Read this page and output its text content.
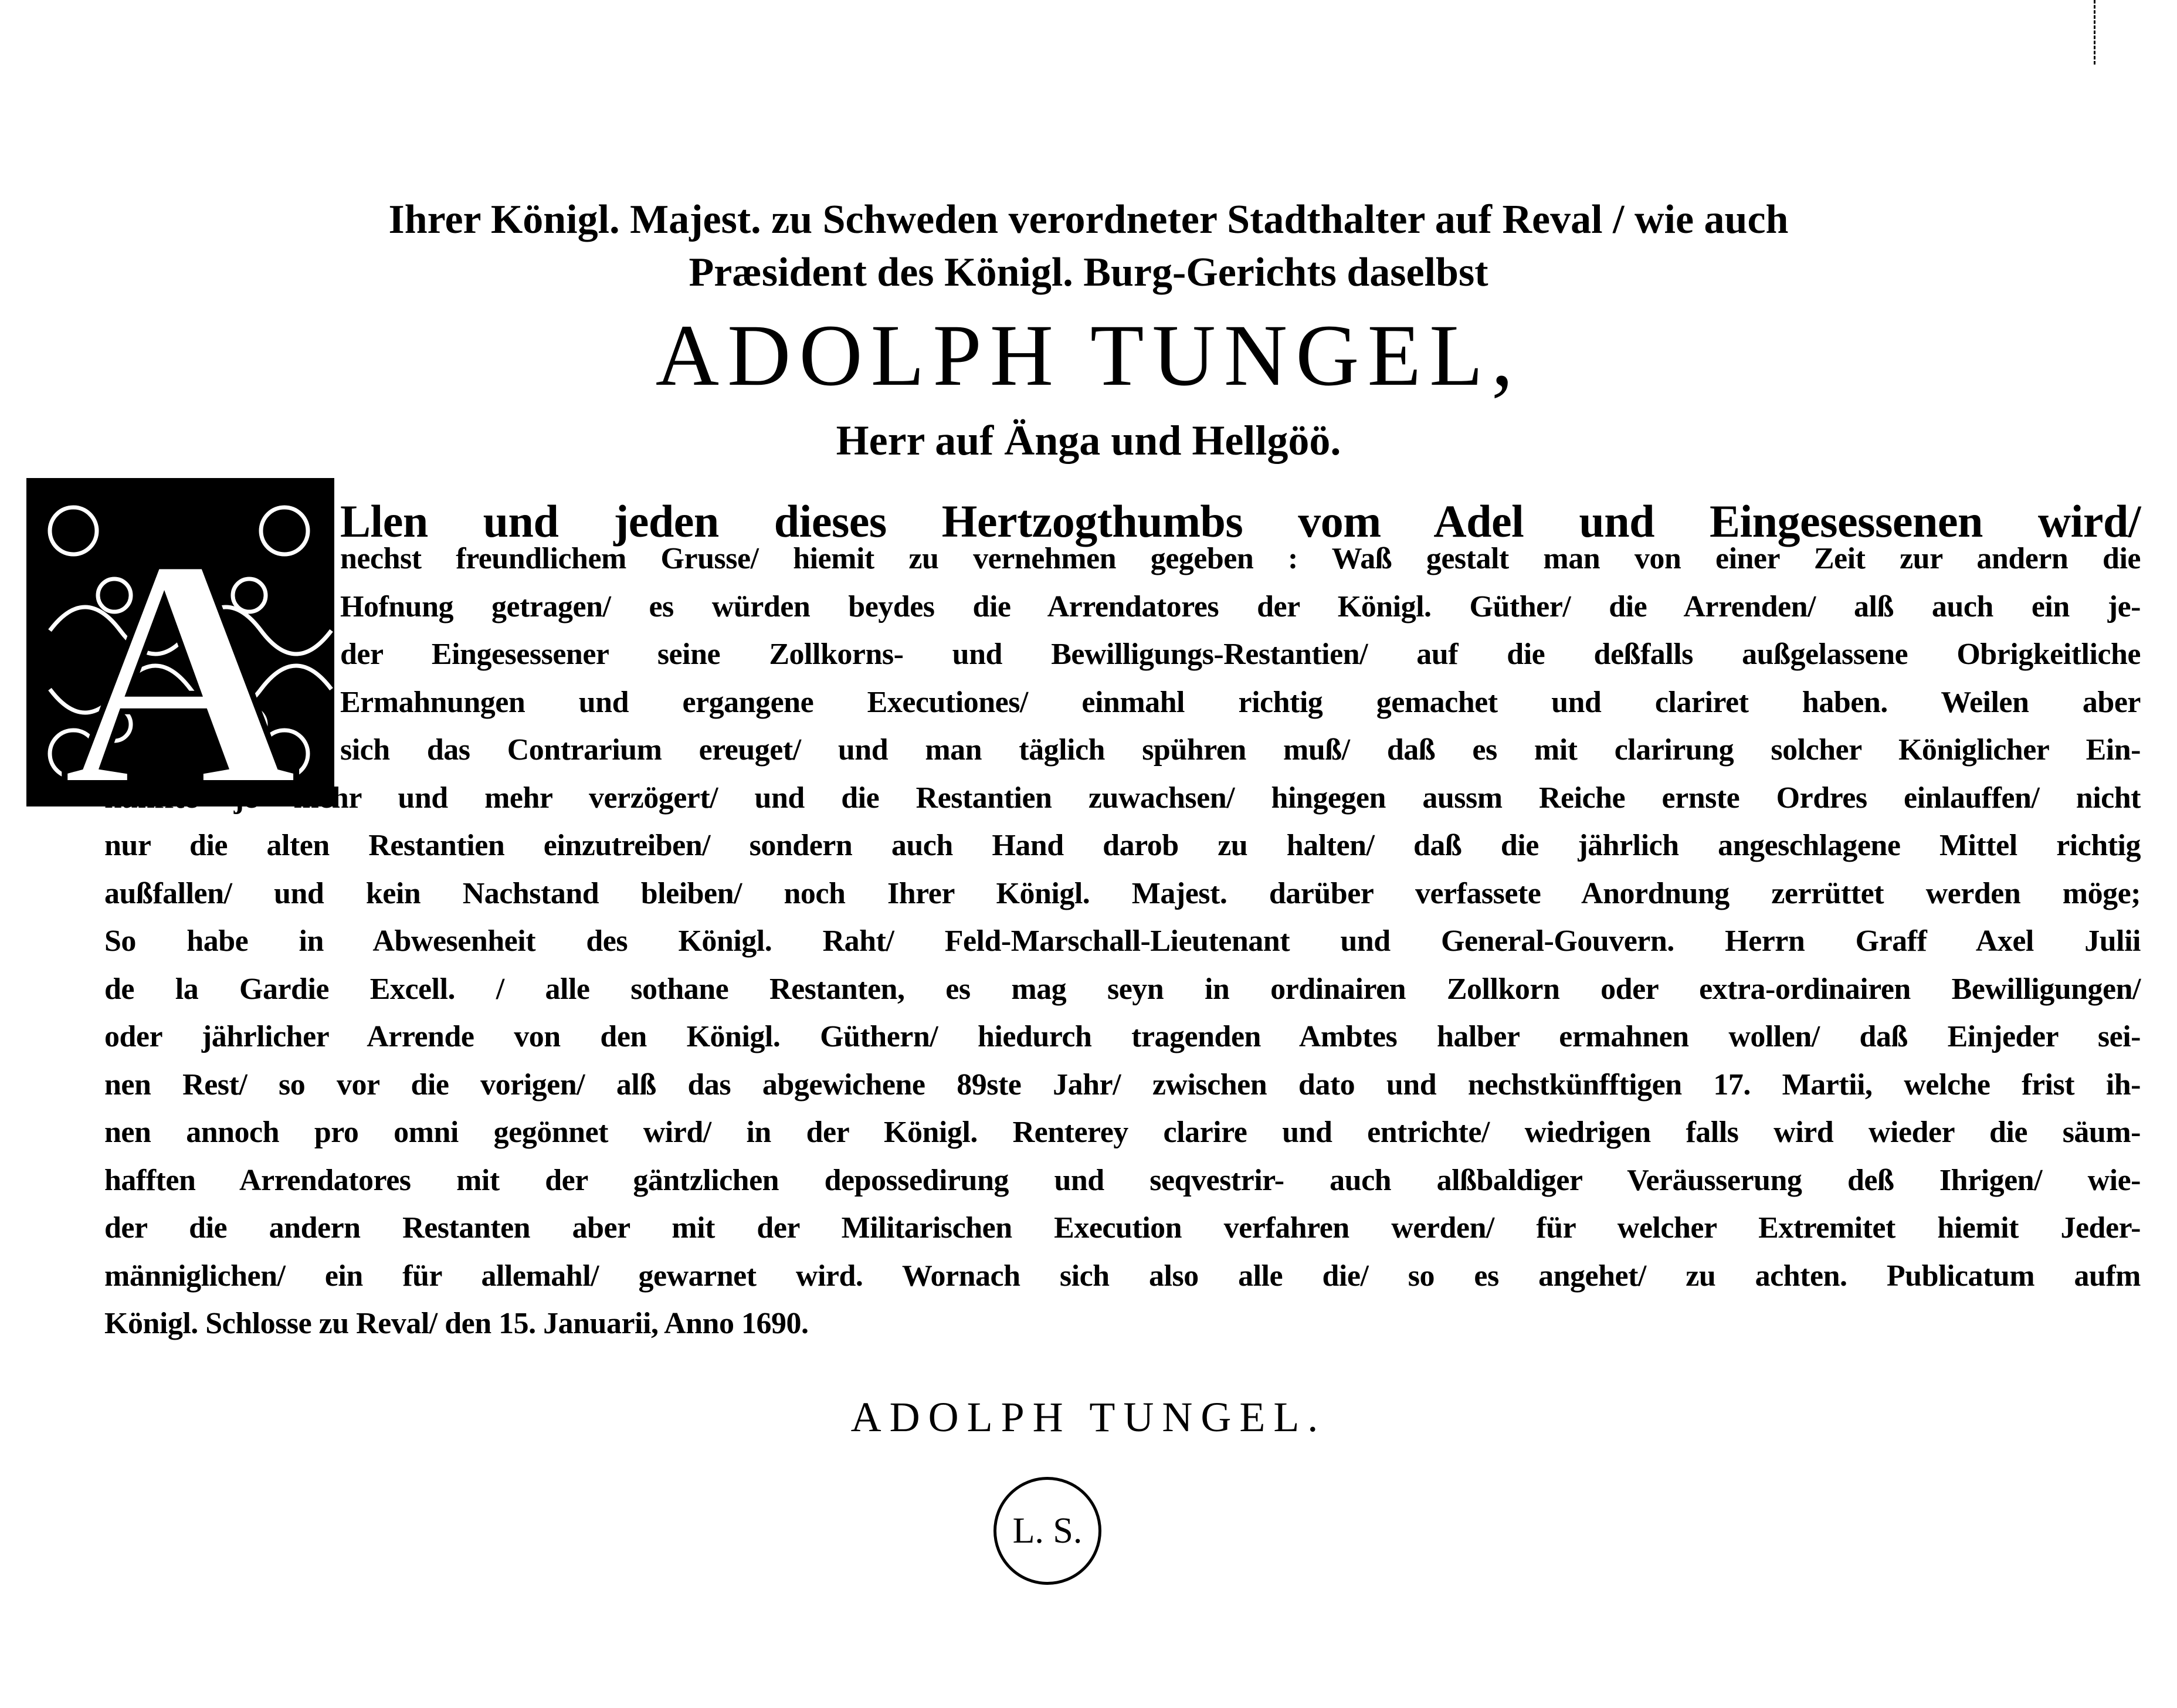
Ihrer Königl. Majest. zu Schweden verordneter Stadthalter auf Reval / wie auch
Præsident des Königl. Burg-Gerichts daselbst
ADOLPH TUNGEL,
Herr auf Änga und Hellgöö.
A Llen und jeden dieses Hertzogthumbs vom Adel und Eingesessenen wird/
nechst freundlichem Grusse/ hiemit zu vernehmen gegeben : Waß gestalt man von einer Zeit zur andern die
Hofnung getragen/ es würden beydes die Arrendatores der Königl. Güther/ die Arrenden/ alß auch ein je-
der Eingesessener seine Zollkorns- und Bewilligungs-Restantien/ auf die deßfalls außgelassene Obrigkeitliche
Ermahnungen und ergangene Executiones/ einmahl richtig gemachet und clariret haben. Weilen aber
sich das Contrarium ereuget/ und man täglich spühren muß/ daß es mit clarirung solcher Königlicher Ein-
künffte je mehr und mehr verzögert/ und die Restantien zuwachsen/ hingegen aussm Reiche ernste Ordres einlauffen/ nicht
nur die alten Restantien einzutreiben/ sondern auch Hand darob zu halten/ daß die jährlich angeschlagene Mittel richtig
außfallen/ und kein Nachstand bleiben/ noch Ihrer Königl. Majest. darüber verfassete Anordnung zerrüttet werden möge;
So habe in Abwesenheit des Königl. Raht/ Feld-Marschall-Lieutenant und General-Gouvern. Herrn Graff Axel Julii
de la Gardie Excell. / alle sothane Restanten, es mag seyn in ordinairen Zollkorn oder extra-ordinairen Bewilligungen/
oder jährlicher Arrende von den Königl. Güthern/ hiedurch tragenden Ambtes halber ermahnen wollen/ daß Einjeder sei-
nen Rest/ so vor die vorigen/ alß das abgewichene 89ste Jahr/ zwischen dato und nechstkünfftigen 17. Martii, welche frist ih-
nen annoch pro omni gegönnet wird/ in der Königl. Renterey clarire und entrichte/ wiedrigen falls wird wieder die säum-
hafften Arrendatores mit der gäntzlichen depossedirung und seqvestrir- auch alßbaldiger Veräusserung deß Ihrigen/ wie-
der die andern Restanten aber mit der Militarischen Execution verfahren werden/ für welcher Extremitet hiemit Jeder-
männiglichen/ ein für allemahl/ gewarnet wird. Wornach sich also alle die/ so es angehet/ zu achten. Publicatum aufm
Königl. Schlosse zu Reval/ den 15. Januarii, Anno 1690.
ADOLPH TUNGEL.
L. S.
